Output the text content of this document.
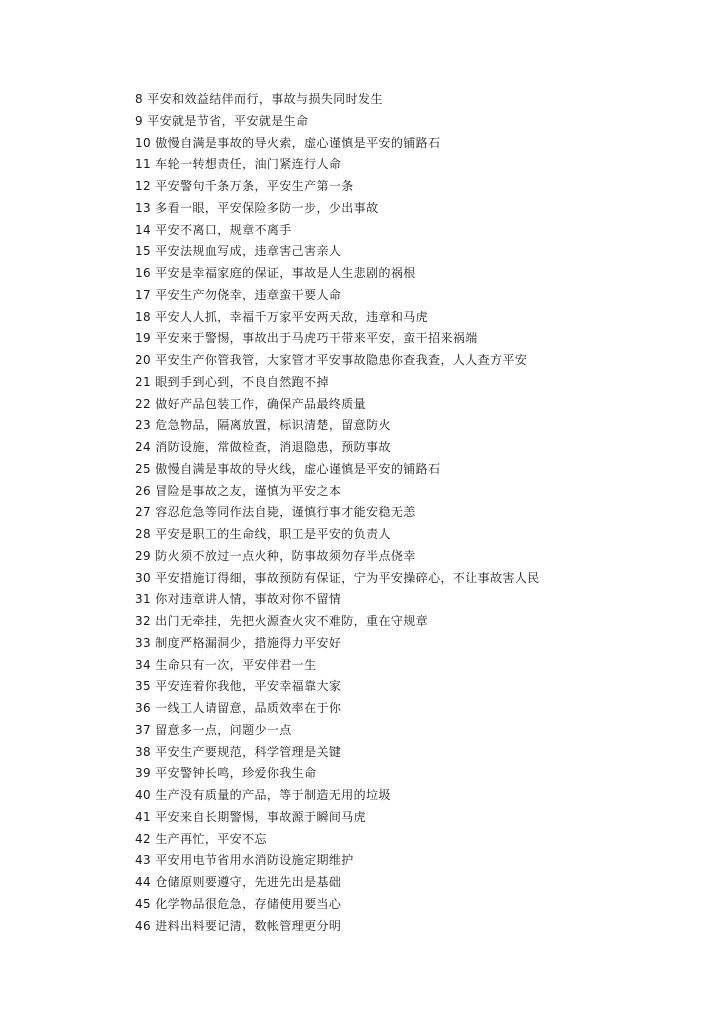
8 平安和效益结伴而行，事故与损失同时发生
9 平安就是节省，平安就是生命
10 傲慢自满是事故的导火索，虚心谨慎是平安的铺路石
11 车轮一转想责任，油门紧连行人命
12 平安警句千条万条，平安生产第一条
13 多看一眼，平安保险多防一步，少出事故
14 平安不离口，规章不离手
15 平安法规血写成，违章害己害亲人
16 平安是幸福家庭的保证，事故是人生悲剧的祸根
17 平安生产勿侥幸，违章蛮干要人命
18 平安人人抓，幸福千万家平安两天敌，违章和马虎
19 平安来于警惕，事故出于马虎巧干带来平安，蛮干招来祸端
20 平安生产你管我管，大家管才平安事故隐患你查我查，人人查方平安
21 眼到手到心到，不良自然跑不掉
22 做好产品包装工作，确保产品最终质量
23 危急物品，隔离放置，标识清楚，留意防火
24 消防设施，常做检查，消退隐患，预防事故
25 傲慢自满是事故的导火线，虚心谨慎是平安的铺路石
26 冒险是事故之友，谨慎为平安之本
27 容忍危急等同作法自毙，谨慎行事才能安稳无恙
28 平安是职工的生命线，职工是平安的负责人
29 防火须不放过一点火种，防事故须勿存半点侥幸
30 平安措施订得细，事故预防有保证，宁为平安操碎心，不让事故害人民
31 你对违章讲人情，事故对你不留情
32 出门无牵挂，先把火源查火灾不难防，重在守规章
33 制度严格漏洞少，措施得力平安好
34 生命只有一次，平安伴君一生
35 平安连着你我他，平安幸福靠大家
36 一线工人请留意，品质效率在于你
37 留意多一点，问题少一点
38 平安生产要规范，科学管理是关键
39 平安警钟长鸣，珍爱你我生命
40 生产没有质量的产品，等于制造无用的垃圾
41 平安来自长期警惕，事故源于瞬间马虎
42 生产再忙，平安不忘
43 平安用电节省用水消防设施定期维护
44 仓储原则要遵守，先进先出是基础
45 化学物品很危急，存储使用要当心
46 进料出料要记清，数帐管理更分明
